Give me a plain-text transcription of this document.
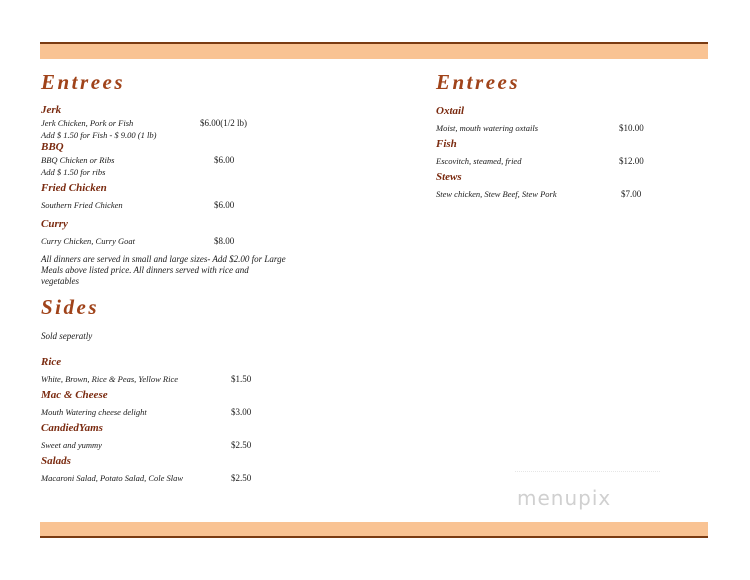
Entrees
Jerk
Jerk Chicken, Pork or Fish	$6.00(1/2 lb)
Add $ 1.50 for Fish - $ 9.00 (1 lb)
BBQ
BBQ Chicken or Ribs	$6.00
Add $ 1.50 for ribs
Fried Chicken
Southern Fried Chicken	$6.00
Curry
Curry Chicken, Curry Goat	$8.00
All dinners are served in small and large sizes- Add $2.00 for Large Meals above listed price. All dinners served with rice and vegetables
Sides
Sold seperatly
Rice
White, Brown, Rice & Peas, Yellow Rice	$1.50
Mac & Cheese
Mouth Watering cheese delight	$3.00
CandiedYams
Sweet and yummy	$2.50
Salads
Macaroni Salad, Potato Salad, Cole Slaw	$2.50
Entrees
Oxtail
Moist, mouth watering oxtails	$10.00
Fish
Escovitch, steamed, fried	$12.00
Stews
Stew chicken, Stew Beef, Stew Pork	$7.00
menupix
